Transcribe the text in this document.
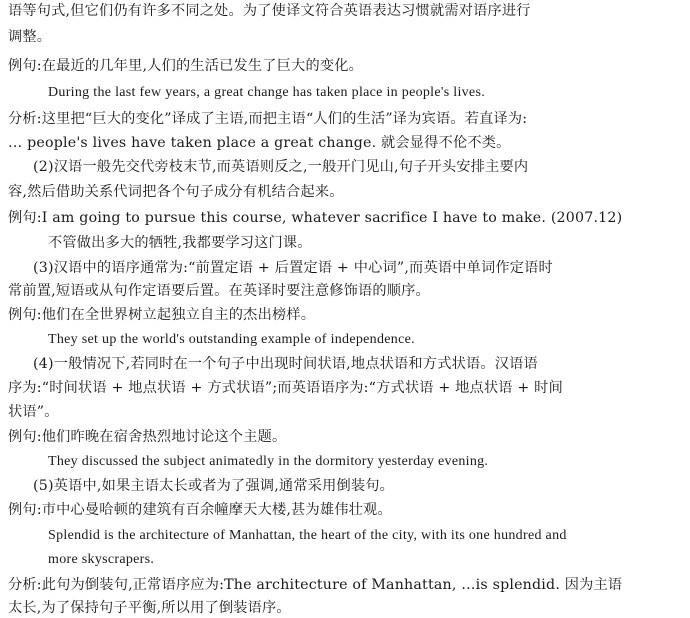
语等句式,但它们仍有许多不同之处。为了使译文符合英语表达习惯就需对语序进行
调整。
例句:在最近的几年里,人们的生活已发生了巨大的变化。
During the last few years, a great change has taken place in people's lives.
分析:这里把“巨大的变化”译成了主语,而把主语“人们的生活”译为宾语。若直译为:
… people's lives have taken place a great change. 就会显得不伦不类。
(2)汉语一般先交代旁枝末节,而英语则反之,一般开门见山,句子开头安排主要内
容,然后借助关系代词把各个句子成分有机结合起来。
例句:I am going to pursue this course, whatever sacrifice I have to make. (2007.12)
不管做出多大的牺牲,我都要学习这门课。
(3)汉语中的语序通常为:“前置定语 + 后置定语 + 中心词”,而英语中单词作定语时
常前置,短语或从句作定语要后置。在英译时要注意修饰语的顺序。
例句:他们在全世界树立起独立自主的杰出榜样。
They set up the world's outstanding example of independence.
(4)一般情况下,若同时在一个句子中出现时间状语,地点状语和方式状语。汉语语
序为:“时间状语 + 地点状语 + 方式状语”;而英语语序为:“方式状语 + 地点状语 + 时间
状语”。
例句:他们昨晚在宿舍热烈地讨论这个主题。
They discussed the subject animatedly in the dormitory yesterday evening.
(5)英语中,如果主语太长或者为了强调,通常采用倒装句。
例句:市中心曼哈顿的建筑有百余幢摩天大楼,甚为雄伟壮观。
Splendid is the architecture of Manhattan, the heart of the city, with its one hundred and
more skyscrapers.
分析:此句为倒装句,正常语序应为:The architecture of Manhattan, …is splendid. 因为主语
太长,为了保持句子平衡,所以用了倒装语序。
